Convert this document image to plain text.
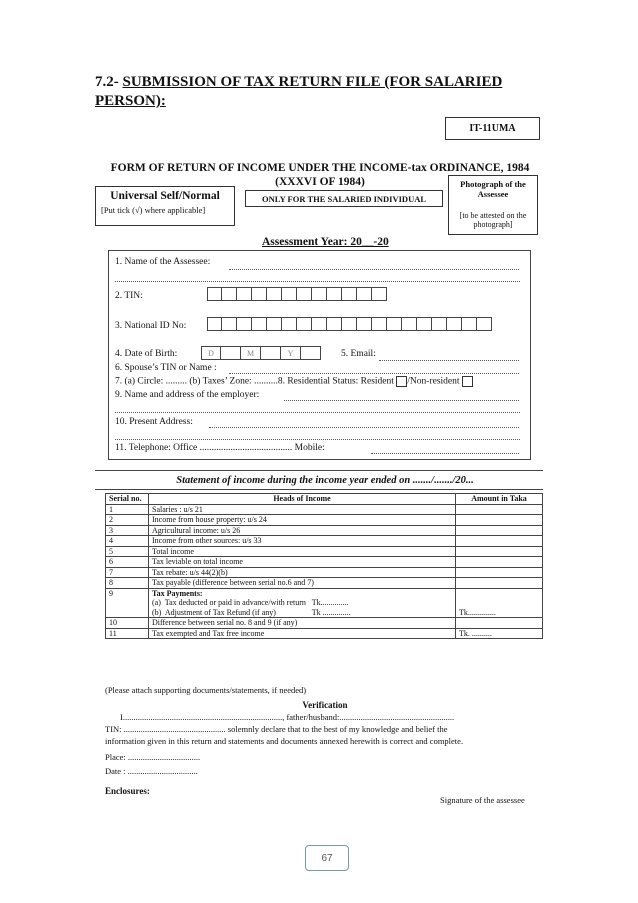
7.2- SUBMISSION OF TAX RETURN FILE (FOR SALARIED PERSON):
IT-11UMA
FORM OF RETURN OF INCOME UNDER THE INCOME-tax ORDINANCE, 1984
(XXXVI OF 1984)
Universal Self/Normal
[Put tick (√) where applicable]
ONLY FOR THE SALARIED INDIVIDUAL
Photograph of the Assessee
[to be attested on the photograph]
Assessment Year: 20__-20
1. Name of the Assessee:
2. TIN:
3. National ID No:
4. Date of Birth:	D	M	Y	5. Email:
6. Spouse’s TIN or Name :
7. (a) Circle: ......... (b) Taxes’ Zone: ..........8. Residential Status: Resident /Non-resident
9. Name and address of the employer:
10. Present Address:
11. Telephone: Office ....................................... Mobile:
Statement of income during the income year ended on ......./......./20...
Serial no.	Heads of Income	Amount in Taka
1	Salaries : u/s 21	
2	Income from house property: u/s 24	
3	Agricultural income: u/s 26	
4	Income from other sources: u/s 33	
5	Total income	
6	Tax leviable on total income	
7	Tax rebate: u/s 44(2)(b)	
8	Tax payable (difference between serial no.6 and 7)	
9	Tax Payments:
(a)  Tax deducted or paid in advance/with return   Tk..............
(b)  Adjustment of Tax Refund (if any)                  Tk ..............	Tk..............
10	Difference between serial no. 8 and 9 (if any)	
11	Tax exempted and Tax free income	Tk. ..........
(Please attach supporting documents/statements, if needed)
Verification
I..........................................................................., father/husband:......................................................
TIN: ................................................ solemnly declare that to the best of my knowledge and belief the
information given in this return and statements and documents annexed herewith is correct and complete.
Place: ..................................
Date : .................................
Enclosures:
Signature of the assessee
67
